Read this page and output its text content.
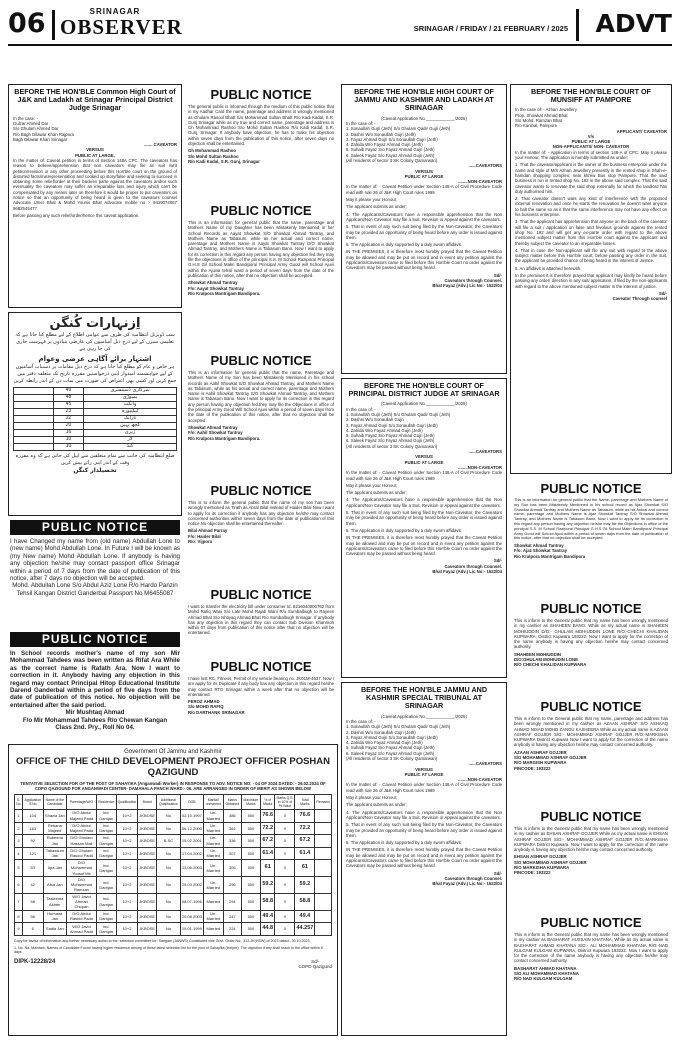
06	SRINAGAR
OBSERVER	SRINAGAR / FRIDAY / 21 FEBRUARY / 2025	ADVT
BEFORE THE HON'BLE Common High Court of J&K and Ladakh at Srinagar Principal District Judge Srinagar
In the case: -
Gulzar Ahmed Dar
S/o Ghulam Ahmed Dar
R/o Bagh Dilawar Khan Rajpora
Bagh Dilawar Khan Srinagar
....... CAVEATOR
VERSUS
PUBLIC AT LARGE.
In the matter of: Caveat petition in terms of Section 148A CPC. The caveators has reason to believe/apprehension that non caveators may file an suit /writ petition/revision or any other proceeding before this Hon'ble court on the ground of distorted facts/misrepresentation and cooked up story/false and seeking to succeed in obtaining some relief/order at their back/ex parte against the caveators and/or such eventuality the caveators may suffer an irreparable loss and injury which can't be compensated by any means later on therefore it would be proper to put caveators on notice so that an opportunity of being heard is given to the caveators counsel Advocate Umer Bhat & Mohd Younis Bhat Advocate mobile no :- 9419074067 9682545477
Before passing any such relief/order/hence this caveat application.
اِزنہارات کُنگن
سب ڈویژنل انتظامیہ کی طرف سے عوامی اطلاع کے لیے مطلع کیا جاتا ہے کہ تعلیمی سیزن کے لیے درج ذیل آسامیوں کی عارضی بنیادوں پر فہرست جاری کی جا رہی ہے
اشتہار برائے آگاہی عرضی وعوام
ہر خاص و عام کو مطلع کیا جاتا ہے کہ درج ذیل مقامات پر دستیاب آسامیوں کے لیے خواہشمند امیدوار اپنی درخواستیں مقررہ تاریخ تک متعلقہ دفتر میں جمع کریں اور کسی بھی اعتراض کی صورت میں سات دن کے اندر رابطہ کریں
	49	سرکاری ڈسپنسری
	48	بمبوڑی
	45	وانگت
	23	ٹیکیپورہ
	22	نارانگ
	20	کچھ نہیں
	16	ژیری
	10	لار
	10	گنڈ
ضلع انتظامیہ کی جانب سے تمام متعلقین سے اپیل کی جاتی ہے کہ وہ مقررہ وقت کے اندر اپنی رائے پیش کریں
تحصیلدار کنگن
PUBLIC NOTICE
I have Changed my name from (old name) Abdullah Lone to (new name) Mohd Abdullah Lone. In Future I will be known as (my New name) Mohd Abdullah Lone. If anybody is having any objection he/she may contact passport office Srinagar within a period of 7 days from the date of publication of this notice, after 7 days no objection will be accepted.
Mohd. Abdullah Lone S/o Abdul Aziz Lone R/o Hardo Panzin Tehsil Kangan District Ganderbal Passport No M6455087
PUBLIC NOTICE
In School records mother's name of my son Mir Mohammad Tahdees was been written as Rifat Ara While as the correct name is Rafath Ara. Now I want to correction in it. Anybody having any objection in this regard may contact Principal Hitop Educational Institute Darend Ganderbal within a period of five days from the date of publication of this notice. No objection will be entertained after the said period.
Mir Mushtaq Ahmad
F/o Mir Mohammad Tahdees R/o Chewan Kangan
Class 2nd. Pry., Roll No 04.
PUBLIC NOTICE
The general public is informed through the medium of this public notice that in my Aadhar Card the name, parentage and address is wrongly mentioned as Ghulam Rasool Bhatt S/o Mohammad Sultan Bhatt R/o Kadi Kadal, S.R. Gunj Srinagar while as my true and correct name, parentage and address is Gh Mohammad Rashoo S/o Mohd Sultan Rashoo R/o Kadi Kadal, S.R. Gunj, Srinagar. If anybody have objection, he has to make his objection within seven days from the publication of this notice, after seven days no objection shall be entertained.
Gh Mohammad Rashoo
S/o Mohd Sultan Rashoo
R/o Kadi Kadal, S.R. Gunj, Srinagar
PUBLIC NOTICE
This is an information for general public that the name, parentage and Mothers Name of my Daughter has been Mistakenly Mentioned in her School Records as Aayat Showkat S/O Showkat Ahmad Tantray, and Mothers Name as Tabasum, while as her actual and correct name, parentage and Mothers Name is Aayat Showkat Tantray D/O Showkat Ahmad Tantray, and Mothers Name is Tabasum Bano. Now I want to apply for its correction in this regard any person having any objection fed.they may file the objections in office of the principal S.S. M School Razipora/ Principal G.H.S Gil School Makri Bandipora/ Principal Army Good will School Ajuvi within the Ajuvia tehsil ward a period of seven days from the date of the publication of this notice, after that no objection shall be accepted.
Showkat Ahmad Tantray
F/o: Aayat Showkat Tantray
R/o Kralpora Mantrigam Bandipora.
PUBLIC NOTICE
This is an information for general public that the name, Parentage and Mothers Name of my Son has been Mistakenly Mentioned in his school records as Aahil Showkat S/O Showkat Ahmad Tantray, and Mothers Name as Tabasum, while as his actual and correct name, parentage and Mothers Name is Aahil Showkat Tantray S/O Showkat Ahmad Tantray, and Mothers Name is Tabasum Bano. Now I want to apply for its correction in this regard any person having any objection fed.they may file the Objections in office of the principal Army Good Will School Ajuvi within a period of seven days from the date of the publication of this notice, after that no objection shall be accepted.
Showkat Ahmad Tantray
F/o: Aahil Showkat Tantray
R/o Kralpora Mantrigam Bandipora.
PUBLIC NOTICE
This is to inform the general public that the name of my son has been wrongly mentioned as Tirath as Abrar Bilal instead of Haider Bilal Now I want to apply for its correction if anybody has any objection he/she may contact concerned authorities within seven days from the date of publication of this notice.No objection shall be entertained thereafter.
Bilal Ahmad Parray
F/o: Haider Bilal
R/o: Vijpora
PUBLIC NOTICE
I want to transfer the electricity bill under consumer Id. 8216040000762 from Mohd Rafiq Wani S/o Late Mohd Rajab Wani R/o Sumbalbugh to Rayees Ahmad Bhat S/o Ishtiyaq Ahmad Bhat R/o Sumbalbugh Srinagar. If anybody has any objection in this regard they can contact Sub Division Khanmoh within 07 days from publication of this notice after that no objection will be entertained.
PUBLIC NOTICE
I have lost RC, Fitness, Permit of my vehicle bearing no. JK01M-4637. Now I am apply for its Duplicate if any body has any objection in this regard he/she may contact RTO Srinagar within a week after that no objection will be entertained.
FEROZ AHMAD
S/o MOHD RAFIQ
R/o DARTHANK SRINAGAR
BEFORE THE HON'BLE HIGH COURT OF JAMMU AND KASHMIR AND LADAKH AT SRINAGAR
(Caveat Application No.____________/2025)
In the case of: -
1. Sonaullah Gujri (Jeth) S/o Ghulam Qadir Gujri (Jeth)
2. Dashni W/o Sonaullah Gujri (Jeth)
3. Fayaz Ahmad Gujri S/o Sonaullah Gujri (Jeth)
4. Zahida W/o Fayaz Ahmad Gujri (Jeth)
5. Suhaib Fayaz S/o Fayaz Ahmad Gujri (Jeth)
6. Saleek Fayaz S/o Fayaz Ahmad Gujri (Jeth)
(All residents of sector 3 SK Colony Qamarwari)
......CAVEATORS
VERSUS
PUBLIC AT LARGE
........NON-CAVEATOR
In the matter of: - Caveat Petition under Section 148-A of Civil Procedure Code read with rule 26 of J&K High Court rules 1999
May it please your Honour,
The applicant submits as under;
4. The Applicants/Caveators have a responsible apprehension that the Non Applicant/Non Caveator may file a Suit, Revision or Appeal against the caveators.
5. That in event of any such suit being filed by the Non-Caveator, the Caveators may be provided an opportunity of being heard before any order is issued against them.
6. The Application is duly supported by a duly sworn affidavit.
IN THE PREMISES, it is therefore most humbly prayed that the Caveat Petition may be allowed and may be put on record and in event any petition against the Applicants/Caveators came to filed before this Hon'ble Court no order against the Caveators may be passed without being heard.
Sd/-
Caveators through Counsel.
Bhat Fayaz (Adv.) Lic No:- 1522/04
BEFORE THE HON'BLE COURT OF PRINCIPAL DISTRICT JUDGE AT SRINAGAR
(Caveat Application No.____________/2025)
In the case of: -
1. Sonaullah Gujri (Jeth) S/o Ghulam Qadir Gujri (Jeth)
2. Dashni W/o Sonaullah Gujri
3. Fayaz Ahmad Gujri S/o Sonaullah Gujri (Jeth)
4. Zahida W/o Fayaz Ahmad Gujri (Jeth)
5. Suhaib Fayaz S/o Fayaz Ahmad Gujri (Jeth)
6. Saleek Fayaz S/o Fayaz Ahmad Gujri (Jeth)
(All residents of sector 3 SK Colony Qamarwari)
......CAVEATORS
VERSUS
PUBLIC AT LARGE
........NON-CAVEATOR
In the matter of: - Caveat Petition under Section 148-A of Civil Procedure Code read with rule 26 of J&K High Court rules 1999
May it please your Honour,
The applicant submits as under;
4. The Applicants/Caveators have a responsible apprehension that the Non Applicant/Non Caveator may file a Suit, Revision or Appeal against the caveators.
5. That in event of any such suit being filed by the Non-Caveator, the Caveators may be provided an opportunity of being heard before any order is issued against them.
6. The Application is duly supported by a duly sworn affidavit.
IN THE PREMISES, it is therefore most humbly prayed that the Caveat Petition may be allowed and may be put on record and in event any petition against the Applicants/Caveators came to filed before this Hon'ble Court no order against the Caveators may be passed without being heard.
Sd/-
Caveators through Counsel.
Bhat Fayaz (Adv.) Lic No:- 1522/04
BEFORE THE HON'BLE JAMMU AND KASHMIR SPECIAL TRIBUNAL AT SRINAGAR
(Caveat Application No.____________/2025)
In the case of: -
1. Sonaullah Gujri (Jeth) S/o Ghulam Qadir Gujri (Jeth)
2. Dashni W/o Sonaullah Gujri (Jeth)
3. Fayaz Ahmad Gujri S/o Sonaullah Gujri (Jeth)
4. Zahida W/o Fayaz Ahmad Gujri (Jeth)
5. Suhaib Fayaz S/o Fayaz Ahmad Gujri (Jeth)
6. Saleek Fayaz S/o Fayaz Ahmad Gujri (Jeth)
(All residents of sector 3 SK Colony Qamarwari)
......CAVEATORS
VERSUS
PUBLIC AT LARGE
........NON-CAVEATOR
In the matter of: - Caveat Petition under Section 148-A of Civil Procedure Code read with rule 26 of J&K High Court rules 1999
May it please your Honour,
The applicant submits as under;
4. The Applicants/Caveators have a responsible apprehension that the Non Applicant/Non Caveator may file a Suit, Revision or Appeal against the caveators.
5. That in event of any such suit being filed by the Non-Caveator, the Caveators may be provided an opportunity of being heard before any order is issued against them.
6. The Application is duly supported by a duly sworn affidavit.
IN THE PREMISES, it is therefore most humbly prayed that the Caveat Petition may be allowed and may be put on record and in event any petition against the Applicants/Caveators came to filed before this Hon'ble Court no order against the Caveators may be passed without being heard.
Sd/-
Caveators through Counsel.
Bhat Fayaz (Adv.) Lic No:- 1522/04
BEFORE THE HON'BLE COURT OF MUNSIFF AT PAMPORE
In the case of: - Azhan Jewellery
Prop. Showkat Ahmad Bhat
S/o Mohd. Ramzan Bhat
R/o Kanibal, Pampore
APPLICANT/ CAVEATOR
V/s
PUBLIC AT LARGE
NON-APPLICANTS/ NON- CAVEATOR
In the matter of: - Application in terms of section 148-A of CPC. May it please your Honour, The application is humbly submitted as under;
1. That the caveator/applicant is the owner of the business enterprise under the name and style of M/S Azhan Jewellery presently in the rented shop in Shah-e-hamdan shopping complex, near khrew Bus stop Pampore. That the said business is run in rented shop No. 192 in the above said complex. That the said caveator wants to renovate the said shop externally for which the landlord has duly authorised him.
2. That caveator doesn't want any kind of interference with the proposed external renovation and once he starts the renovation he doesn't want anyone to halt the same so as it that the same interference may not have any effect on his business enterprise.
3. That the applicant has apprehension that anyone on the back of the caveator will file a suit / application on false and frivolous grounds against the rented shop No. 192 and will get any ex-parte order with regard to the above mentioned subject matter from this Hon'ble court against the applicant and thereby subject the caveator to an irreparable losses.
4. That in case the Non-applicant will file any suit with regard to the above subject matter before this Hon'ble court, before passing any order in the suit, the applicant be provided chance of being heard in the interest of Justice.
5. An affidavit is attached herewith.
In the premises it is therefore prayed that applicant may kindly be heard before passing any order/ direction in any suit/ application, if filed by the non-applicants with regard to the above mentioned subject matter in the interest of justice.
Sd/-
Caveator Through counsel
PUBLIC NOTICE
This is an information for general public that the Name, parentage and Mothers Name of my Son has been Mistakenly Mentioned in his school record as Ajaz Showkat S/O Showkat Ahmad Tantray and Mothers Name as Tabasum, while as his Actual and correct name, parentage and Mothers Name is Ajaz Showkat Tantray S/O Showkat Ahmad Tantray, and Mothers Name is Tabasum Bano. Now I want to apply for its correction in this regard any person having any objection he/she may file the Objections in office of the principal S.S. M School Razipora/ Principal G.H.S Gil School Makri Bandipora/ Principal Army Good will School Ajuvi within a period of seven days from the date of publication of this notice, after that no objection shall be accepted.
Showkat Ahmad Tantray
F/o: Ajaz Showkat Tantray
R/o Kralpora Mantrigam Bandipora
PUBLIC NOTICE
This is inform to the General public that my name has been wrongly mentioned in my cashier as SHAHEEN BANO. While as my actual name is SHAHEEN MOHIUDDIN D/O:- GHULAM MOHIUDDIN LONE R/O:-CHECHI KHALIDAN KUPWARA, District Kupwara 193222. Now I want to apply for the correction of the name anybody is having any objection he/she may contact concerned authority.
SHAHEEN MOHIUDDIN
D/O:GHULAM MOHIUDIN LONE
R/O CHECHI KHALIDAN KUPWARA
PUBLIC NOTICE
This is inform to the General public that my name, parentage and address has been wrongly mentioned in my cashier as AZAAN ASHRAF S/O ASHAAQ AHMAD NISAD MOHD ZANGU KASHEERA While as my actual name is AZAAN ASHRAF GOJJER S/O:- MOHAMMAD ASHRAF GOJJER R/O:-MARKISHA KUPWARA District Kupwara Now I want to apply for the correction of the name anybody is having any objection he/she may contact concerned authority.
AZAAN ASHRAF GOJJER
S/O MOHAMMAD ASHRAF GOJJER
R/O MARGISH KUPWARA
PINCODE: 193222
PUBLIC NOTICE
This is inform to the General public that my name has been wrongly mentioned in my cashier as EHSAN ASHRAF GOJJER While as my actual name is EHSAN ASHRAF GOJJER S/O:- MOHAMMAD ASHRAF GOJJER R/O:-MARKISHA KUPWARA District Kupwara. Now I want to apply for the correction of the name anybody is having any objection he/she may contact concerned authority.
EHSAN ASHRAF GOJJER
S/O MOHAMMAD ASHRAF GOJJER
R/O MARKISHA KUPWARA
PINCODE: 193222
PUBLIC NOTICE
This is inform to the General public that my name has been wrongly mentioned in my cashier as BASHARAT HUSSAIN KHATANA, While as my actual name is BASHARAT AHMAD KHATANA S/O:- ALI MOHAMMAD KHATANA R/O:-NAD KULGAM KULGAM KUPWARA. District Kupwara 193222. Now I want to apply for the correction of the name anybody is having any objection he/she may contact concerned authority.
BASHARAT AHMAD KHATANA
S/O ALI MOHAMMAD KHATANA
R/O NAD KULGAM KULGAM
Government Of Jammu and Kashmir
OFFICE OF THE CHILD DEVELOPMENT PROJECT OFFICER POSHAN QAZIGUND
TENTATIVE SELECTION FOR OF THE POST OF SAHAYIKA (Anganwadi Worker) IN RESPONSE TO ADV. NOTICE NO: - 04 OF 2024 DATED: - 29.02.2024 OF CDPO QAZIGUND FOR ANGANWADI CENTER- DAMAHALA PANCH WARD:- 06. ARE ARRANGED IN ORDER OF MERIT AS SHOWN BELOW
S. No	Application S.No	Name of the Candidate	Parentage/W/O	Residence	Qualification	Board	Additional Qualification	DOB	Marital/ unmarried	Marks Obtained	Maximum Marks	% of Marks	Marks Q.S. in 10% of Pr.Value	Total Marks	Remarks
1	104	Shazia Jan	D/O Abdul Majeed Padd	Ind. Damjan	10+2	JKBOSE	No	02.10.1997	Un-Married	386	500	76.6	0	76.6	
2	163	Rehana Majeed	D/O Abdul Majeed Padd	Ind. Damjan	10+2	JKBOSE	No	06.12.2000	Un-Married	362	500	72.2	0	72.2	
3	92	Rubeena Jan	D/O Ghulam Hassan Mali	Ind. Damjan	10+2	JKBOSE	B.SC	15.02.2001	Un-Married	336	500	67.2	0	67.2	
4	121	Tabassum Jan	D/O Ghulam Rasool Padd	Ind. Damjan	10+2	JKBOSE	No	17.04.2002	Un-Married	307	500	61.4	0	61.4	
5	53	Iqra Jan	D/O Mohammad Yousuf Mir	Ind. Damjan	10+2	JKBOSE	No	13.06.2003	Un-Married	305	500	61	0	61	
6	42	Afsa Jan	D/O Mohammad Ramzan	Ind. Damjan	10+2	JKBOSE	No	25.03.2002	Un-Married	296	500	59.2	0	59.2	
7	58	Tasleema Akhter	W/O Javid Ahmad Chopan	Ind. Damjan	10+2	JKBOSE	No	08.07.1996	Married	294	500	58.8	0	58.8	
8	56	Humaira Jan	D/O Abdul Rashid Padd	Ind. Damjan	10+2	JKBOSE	No	20.08.2003	Un-Married	247	500	49.4	0	49.4	
9	6	Sadia Jan	W/O Javid Ahmad Padd	Ind. Damjan	10+2	JKBOSE	No	19.01.1999	Married	224	500	44.8	0	44.257	
Copy for favour of information and further necessary action to the: selection committee for: Sangam (JANWS) Constituted vide Govt. Order No:- 312-JK(HSW) of 2023 dated:- 30.10.2023.
1. No. No. Maintain, Names of Candidate Found having higher residence among of these latest selection list for the post of Sahayika (Helper). The objection if any shall reach to the office within 8 days.
DIPK-12228/24	Sd/-
CDPO Qazigund
